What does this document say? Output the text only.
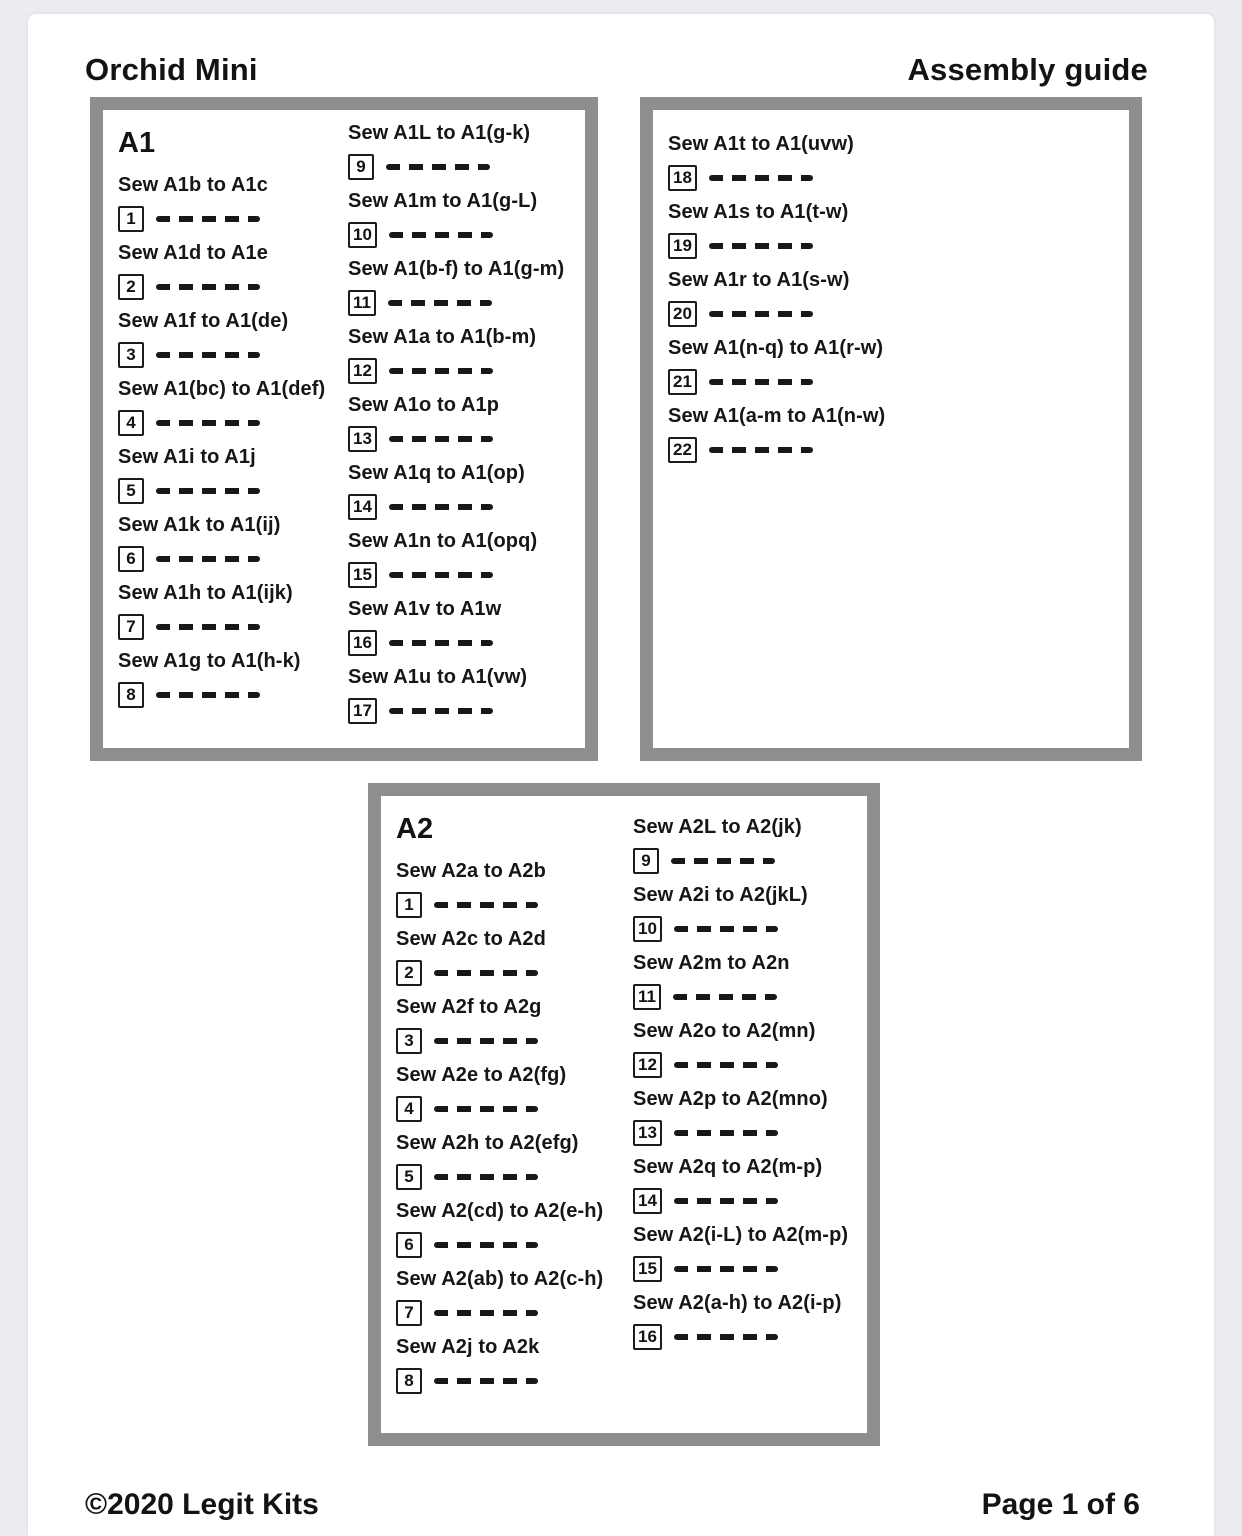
Orchid Mini	Assembly guide
A1
Sew A1b to A1c
1
Sew A1d to A1e
2
Sew A1f to A1(de)
3
Sew A1(bc) to A1(def)
4
Sew A1i to A1j
5
Sew A1k to A1(ij)
6
Sew A1h to A1(ijk)
7
Sew A1g to A1(h-k)
8
Sew A1L to A1(g-k)
9
Sew A1m to A1(g-L)
10
Sew A1(b-f) to A1(g-m)
11
Sew A1a to A1(b-m)
12
Sew A1o to A1p
13
Sew A1q to A1(op)
14
Sew A1n to A1(opq)
15
Sew A1v to A1w
16
Sew A1u to A1(vw)
17
Sew A1t to A1(uvw)
18
Sew A1s to A1(t-w)
19
Sew A1r to A1(s-w)
20
Sew A1(n-q) to A1(r-w)
21
Sew A1(a-m to A1(n-w)
22
A2
Sew A2a to A2b
1
Sew A2c to A2d
2
Sew A2f to A2g
3
Sew A2e to A2(fg)
4
Sew A2h to A2(efg)
5
Sew A2(cd) to A2(e-h)
6
Sew A2(ab) to A2(c-h)
7
Sew A2j to A2k
8
Sew A2L to A2(jk)
9
Sew A2i to A2(jkL)
10
Sew A2m to A2n
11
Sew A2o to A2(mn)
12
Sew A2p to A2(mno)
13
Sew A2q to A2(m-p)
14
Sew A2(i-L) to A2(m-p)
15
Sew A2(a-h) to A2(i-p)
16
©2020 Legit Kits	Page 1 of 6
